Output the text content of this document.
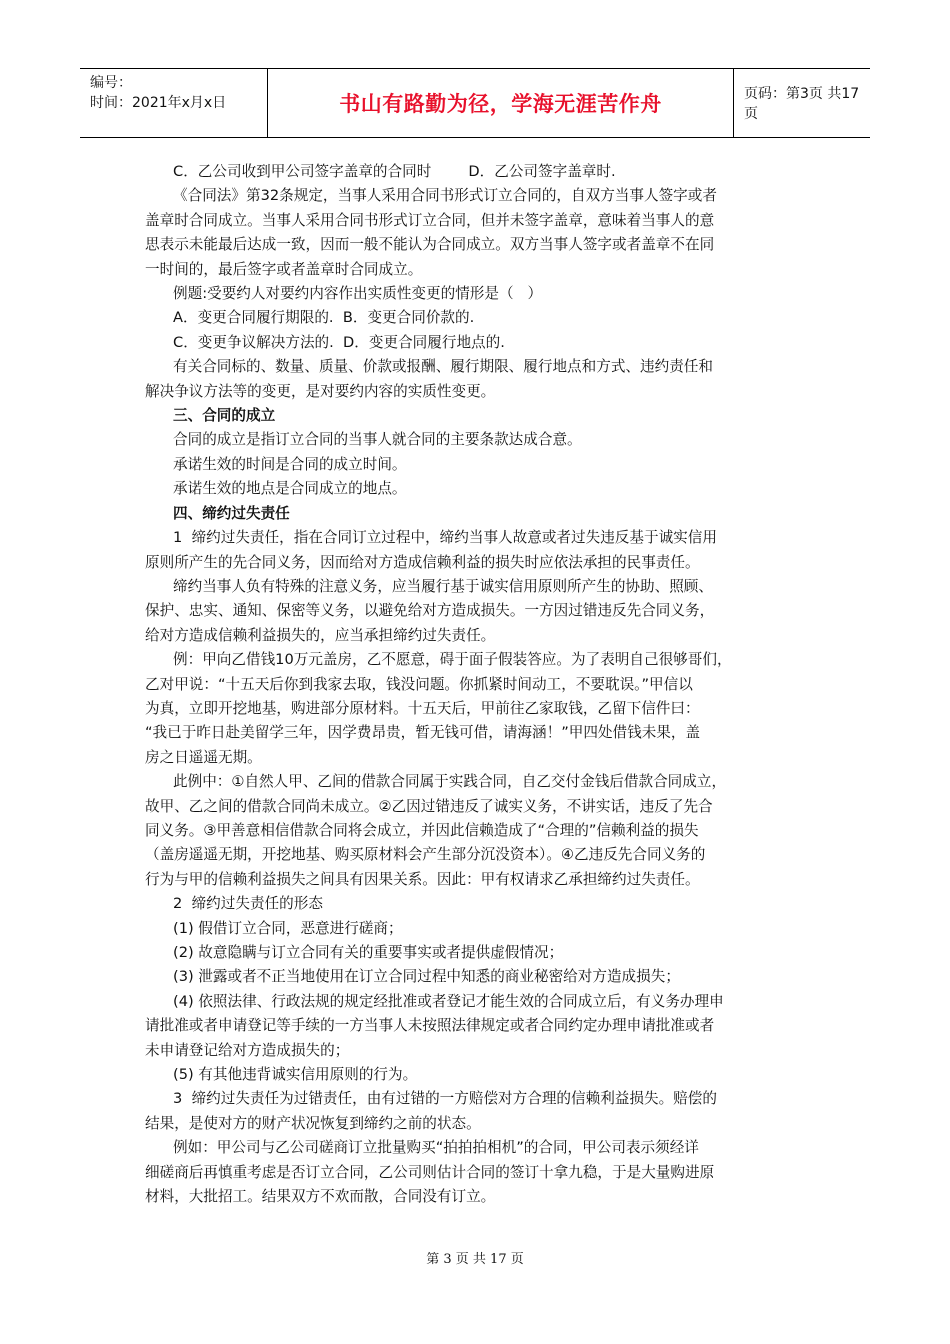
编号：
时间：2021年x月x日	书山有路勤为径，学海无涯苦作舟	页码：第3页 共17页

C．乙公司收到甲公司签字盖章的合同时        D．乙公司签字盖章时.

《合同法》第32条规定，当事人采用合同书形式订立合同的，自双方当事人签字或者

盖章时合同成立。当事人采用合同书形式订立合同，但并未签字盖章，意味着当事人的意

思表示未能最后达成一致，因而一般不能认为合同成立。双方当事人签字或者盖章不在同

一时间的，最后签字或者盖章时合同成立。

例题:受要约人对要约内容作出实质性变更的情形是（   ）

A．变更合同履行期限的.  B．变更合同价款的.

C．变更争议解决方法的.  D．变更合同履行地点的.

有关合同标的、数量、质量、价款或报酬、履行期限、履行地点和方式、违约责任和

解决争议方法等的变更，是对要约内容的实质性变更。

三、合同的成立

合同的成立是指订立合同的当事人就合同的主要条款达成合意。

承诺生效的时间是合同的成立时间。

承诺生效的地点是合同成立的地点。

四、缔约过失责任

1  缔约过失责任，指在合同订立过程中，缔约当事人故意或者过失违反基于诚实信用

原则所产生的先合同义务，因而给对方造成信赖利益的损失时应依法承担的民事责任。

缔约当事人负有特殊的注意义务，应当履行基于诚实信用原则所产生的协助、照顾、

保护、忠实、通知、保密等义务，以避免给对方造成损失。一方因过错违反先合同义务，

给对方造成信赖利益损失的，应当承担缔约过失责任。

例：甲向乙借钱10万元盖房，乙不愿意，碍于面子假装答应。为了表明自己很够哥们，

乙对甲说：“十五天后你到我家去取，钱没问题。你抓紧时间动工，不要耽误。”甲信以

为真，立即开挖地基，购进部分原材料。十五天后，甲前往乙家取钱，乙留下信件曰：

“我已于昨日赴美留学三年，因学费昂贵，暂无钱可借，请海涵！”甲四处借钱未果，盖

房之日遥遥无期。

此例中：①自然人甲、乙间的借款合同属于实践合同，自乙交付金钱后借款合同成立，

故甲、乙之间的借款合同尚未成立。②乙因过错违反了诚实义务，不讲实话，违反了先合

同义务。③甲善意相信借款合同将会成立，并因此信赖造成了“合理的”信赖利益的损失

（盖房遥遥无期，开挖地基、购买原材料会产生部分沉没资本）。④乙违反先合同义务的

行为与甲的信赖利益损失之间具有因果关系。因此：甲有权请求乙承担缔约过失责任。

2  缔约过失责任的形态

(1) 假借订立合同，恶意进行磋商；

(2) 故意隐瞒与订立合同有关的重要事实或者提供虚假情况；

(3) 泄露或者不正当地使用在订立合同过程中知悉的商业秘密给对方造成损失；

(4) 依照法律、行政法规的规定经批准或者登记才能生效的合同成立后，有义务办理申

请批准或者申请登记等手续的一方当事人未按照法律规定或者合同约定办理申请批准或者

未申请登记给对方造成损失的；

(5) 有其他违背诚实信用原则的行为。

3  缔约过失责任为过错责任，由有过错的一方赔偿对方合理的信赖利益损失。赔偿的

结果，是使对方的财产状况恢复到缔约之前的状态。

例如：甲公司与乙公司磋商订立批量购买“拍拍拍相机”的合同，甲公司表示须经详

细磋商后再慎重考虑是否订立合同，乙公司则估计合同的签订十拿九稳，于是大量购进原

材料，大批招工。结果双方不欢而散，合同没有订立。

第 3 页 共 17 页
